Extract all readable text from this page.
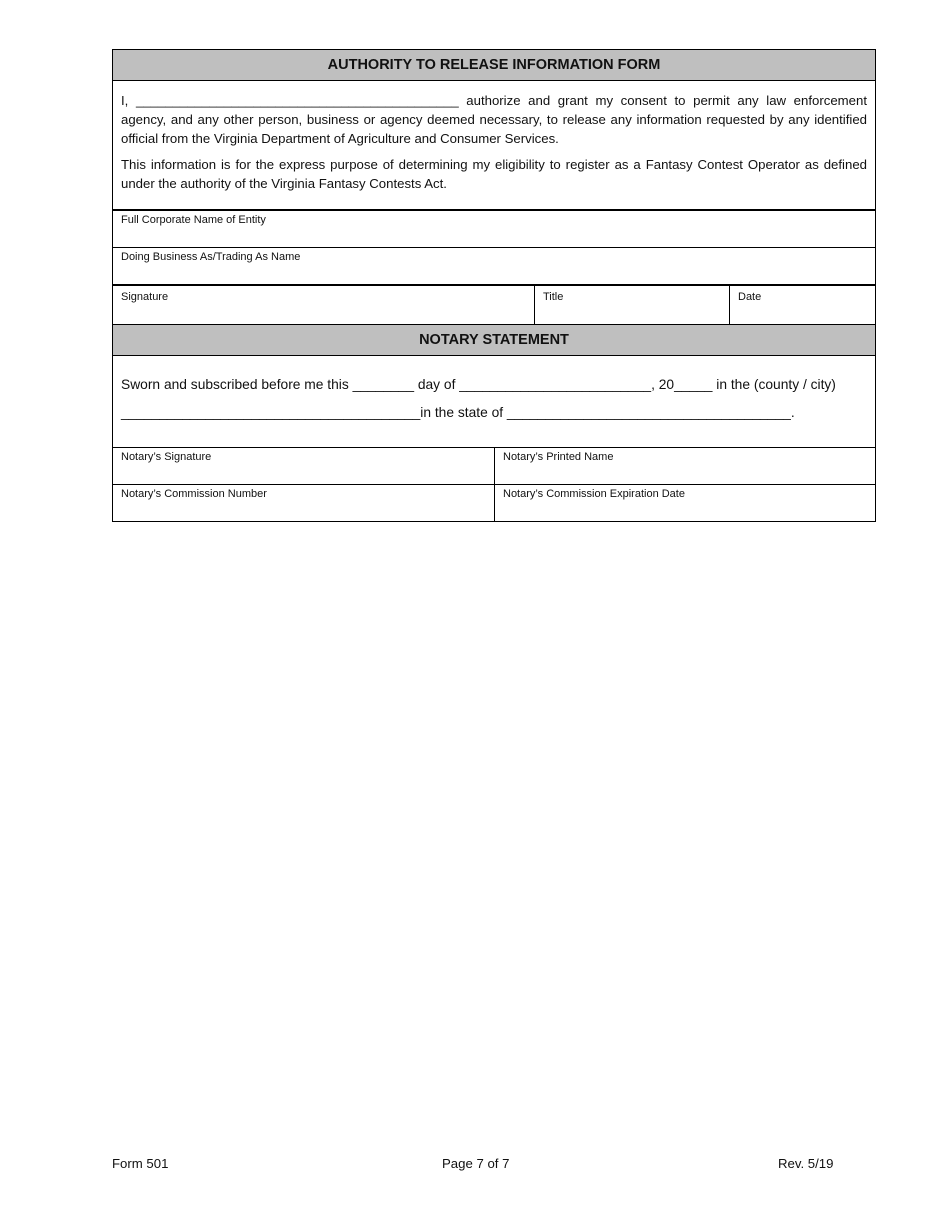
AUTHORITY TO RELEASE INFORMATION FORM

I, ____________________________________________ authorize and grant my consent to permit any law enforcement agency, and any other person, business or agency deemed necessary, to release any information requested by any identified official from the Virginia Department of Agriculture and Consumer Services.

This information is for the express purpose of determining my eligibility to register as a Fantasy Contest Operator as defined under the authority of the Virginia Fantasy Contests Act.

Full Corporate Name of Entity
Doing Business As/Trading As Name
Signature	Title	Date
NOTARY STATEMENT
Sworn and subscribed before me this ________ day of _________________________, 20_____ in the (county / city)
_______________________________________in the state of _____________________________________.
Notary’s Signature	Notary’s Printed Name
Notary’s Commission Number	Notary’s Commission Expiration Date
Form 501	Page 7 of 7	Rev. 5/19
